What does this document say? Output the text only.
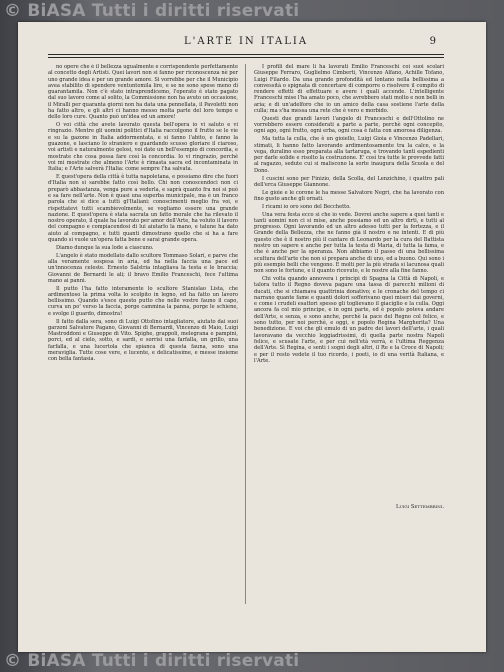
© BiASA Tutti i diritti riservati
L'ARTE IN ITALIA	9

no opere che è il bellezza ugualmente e corrispondente perfettamente al concetto degli Artisti. Quei lavori non si fanno per riconoscenza nè per uno grande idea e per un grande amore. Si vorrebbe per che il Municipio avea stabilito di spendere ventuntomila lire, e se ne sono spese meno di guarantamila. Non c'è stato intraprendicemo, l'operato è stato pagato dal suo lavoro come al solito, la Commissione non ha avuto un occasione, il Miralli per quaranta giorni non ha data una pennellata, il Pavoletti non ha fatto altro, e gli altri ci hanno messo molta parte del loro tempo e dello loro cure. Quanto può un'idea ed un amore!

O voi città che avete lavorato questa bell'opera io vi saluto e vi ringrazio. Mentre gli uomini politici d'Italia raccolgono il frutto se le vie e su la gazone in Italia addormentata, e si fanno l'abito, e fanno la guazone, e lasciano lo straniero e guardando scusso gloriare il ciaroso, voi artisti e naturalmente gelosi, voi date un bell'esempio di concordia, e mostrate che cosa possa fare così la concordia. Io vi ringrazio, perchè voi mi mostrate che almeno l'Arte è rimasta sacra ed incontaminata in Italia; e l'Arte salverà l'Italia: come sempre l'ha salvata.

E quest'opera della città è tutta napoletana, e possiamo dire che fuori d'Italia non si sarebbe fatto così bello. Chi non conoscendoci non ci preparò abbastanza, venga pure a vederla, e saprà quanto fra noi si può e sa fare nell'arte. Non è quasi una superba municipale, ma è un franco parola che si dice a tutti gl'Italiani: conoscimenti meglio fra voi, e rispettatevi tutti scambievolmente, se vogliamo essere una grande nazione. E quest'opera è stata sacrata un fatto morale che ha rilevato il nostro operato, il quale ha lavorato per amor dell'Arte, ha voluto il lavoro del compagno e compiacendosi di lui aiutarlo la mano, e talune ha dato aiuto al compagno, e tutti quanti dimostrano quello che si ha a fare quando si vuole un'opera fatta bene e sarai grande opera.

Diamo dunque la sua lode a ciascuno.

L'angelo è stato modellato dallo scultore Tommaso Solari, e parve che alla veramente sospesa in aria, ed ha nella faccia una pace ed un'innocenza celeste. Ernesto Salstria intagliava la testa e le braccia; Giovanni de Bernardi le ali; il bravo Emilio Franceschi, fece l'ultima mano ai panni.

Il putto l'ha fatto interamente lo scultore Stanislao Lista, che ardimentoso la prima volta lo scolpito in legno, ed ha fatto un lavoro bellissimo. Quando s'esce questo putto che nelle vostre fauno il capo, curva un po' verso la faccia, porge cammina la panna, porge le schiene, e svolge il guardo, dimostra!

Il fatto dalla sera, sono di Luigi Ottolino intagliatore, aiutato dai suoi garzoni Salvatore Pagano, Giovanni di Bernardi, Vincenzo di Maio, Luigi Mastroddoni e Giuseppe di Vito. Spighe, grappoli, melegrana e pampini, porci, ed al cielo, sotto, e sardi, e sorrisi una farfalla, un grillo, una farfalla, e una lucertola che spianca di questa fauna, sono una meraviglia. Tutte cose vere, e lucente, e delicatissime, e messe insieme con bella fantasia.

I profili del mare li ha lavorati Emilio Franceschi coi suoi scolari Giuseppe Ferraro, Guglielmo Cimberti, Vincenzo Alfano, Achille Tofano, Luigi Filardo. Da una grande profondità ed lontano nella bellissima a convessità o spignata di concertare di comporre o risolvere il compito di rendere effetti di effettuare e avere i quali accende. L'intelligente Franceschi mise l'ha amato poco, che avrebbero stati molto e non belli in aria; e di un'adelforo che io un amico della casa sostiene l'arte della culla; ma s'ha messa una rete che è vero e morbido.

Questi due grandi lavori l'angelo di Franceschi e dell'Ottolino ne vorrebbero essere considerati a parte a parte, perchè ogni concepito, ogni ago, ogni frutto, ogni erba, ogni cosa è fatta con amorosa diligenza.

Ma tutta la culla, che è un gioiello, Luigi Gioia e Vincenzo Padellari, stimati, li hanno fatto lavorando ardimentosamente tra la calce, e la vega, duralino esso preparata alla tartaruga, e trovando tanti espedienti per darle solide e risolto la costruzione. E' così tra tutte le provvede fatti al ragazzo, sedute cui si maliscono la sorte inaugura della Scuola e del Dono.

I cuscini sono per Finizio, della Scolla, del Lenzichino, i quattro pali dell'erca Giuseppe Giannone.

Le gioie e le corone le ha messe Salvatore Negri, che ha lavorato con fino gusto anche gli ornati.

I ricami io oro sono del Becchetto.

Una vera festa ecco si che io vede. Dovrei anche sapere a quei tanti e tanti uomini non ci si mise, anche possiamo ed un altro dirti, e tutti al progresso. Ogni lavorando ed un altro adesso tutti per la fortezza, e il Grande della Bellezza, che ne fanno già il nostro e ne intenti. E di più questo che è il nostro più il cantare di Leonardo per la cura del Battista nostro un sapere e anche per tutta la testa di Maria, di tutta la fama, e che è anche per la speranza. Non abbiamo il passo di una bellissima scultura dell'arte che non si prepara anche di uno, ed a buono. Qui sono i più esempio belli che vengono. E molti per la più strada si lacunosa quali non sono le fortune, e il quanto ricevuto, e le nostre alla fine fanno.

Chi volta quando annovera i principi di Spagna la Città di Napoli, e talora tutto il Regno doveva pagare una tassa di parecchi milioni di ducati, che si chiamava quattrinia donativo; e le cronache del tempo ci narrano quante fame e quanti dolori sofferivano quei miseri dai governi, e come i crudeli esattori spesso gli toglievano il giaciglio e la culla. Oggi ancora fa col mio principe, e in ogni parte, ed è popolo poteva andare dell'Arte, e senza, e sono anche, perchè la pace del Regno col felice, e sono tutto, per noi perchè, e oggi, e popolo Regina Margherita? Una benedizione. E voi che gli emulo di un padre dei lavori dell'arte, i quali lavoravano da vecchio leggiadrissimi, di quella parte nostra Napoli felice, e scusate l'arte, e per cui nell'età verrà, e l'ultima Reggenza dell'Arte. Sì Regina, e senti i sogni degli altri, il Re e la Croce di Napoli; e per il resto vedete il tuo ricordo, i poeti, io di una verità Italiana, e l'Arte.

Luigi Settembrini.
© BiASA Tutti i diritti riservati
